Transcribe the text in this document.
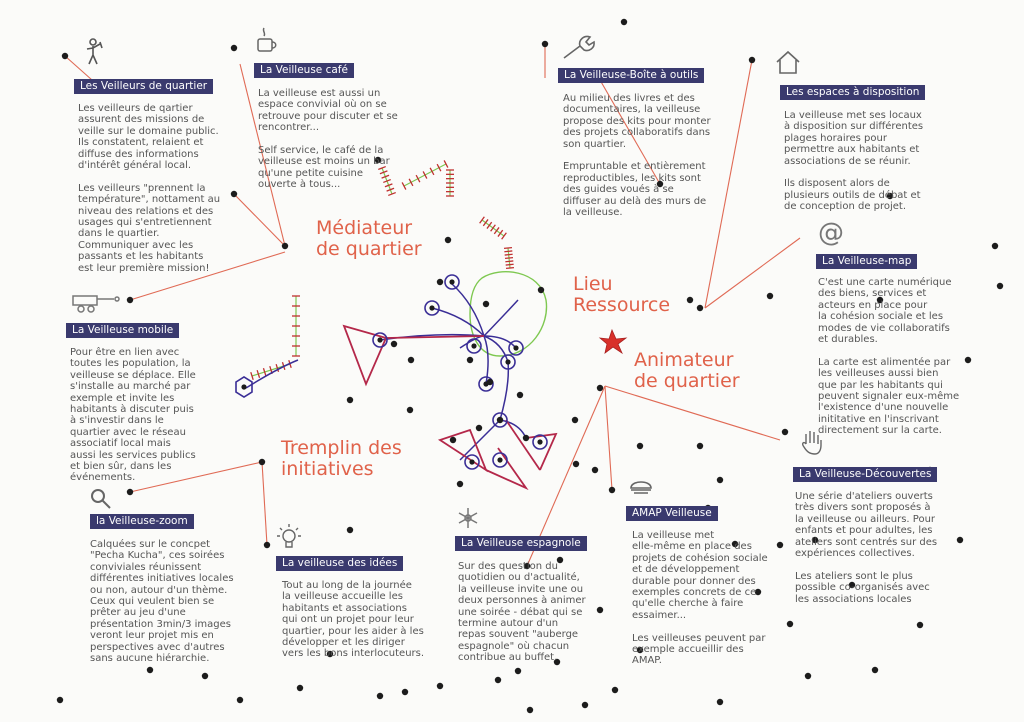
@
Médiateur
de quartier
Lieu
Ressource
Animateur
de quartier
Tremplin des
initiatives
Les Veilleurs de quartier
Les veilleurs de qartier
assurent des missions de
veille sur le domaine public.
Ils constatent, relaient et
diffuse des informations
d'intérêt général local.

Les veilleurs "prennent la
température", nottament au
niveau des relations et des
usages qui s'entretiennent
dans le quartier.
Communiquer avec les
passants et les habitants
est leur première mission!
La Veilleuse café
La veilleuse est aussi un
espace convivial où on se
retrouve pour discuter et se
rencontrer...

Self service, le café de la
veilleuse est moins un bar
qu'une petite cuisine
ouverte à tous...
La Veilleuse-Boîte à outils
Au milieu des livres et des
documentaires, la veilleuse
propose des kits pour monter
des projets collaboratifs dans
son quartier.

Empruntable et entièrement
reproductibles, les kits sont
des guides voués à se
diffuser au delà des murs de
la veilleuse.
Les espaces à disposition
La veilleuse met ses locaux
à disposition sur différentes
plages horaires pour
permettre aux habitants et
associations de se réunir.

Ils disposent alors de
plusieurs outils de débat et
de conception de projet.
La Veilleuse-map
C'est une carte numérique
des biens, services et
acteurs en place pour
la cohésion sociale et les
modes de vie collaboratifs
et durables.

La carte est alimentée par
les veilleuses aussi bien
que par les habitants qui
peuvent signaler eux-même
l'existence d'une nouvelle
inititative en l'inscrivant
directement sur la carte.
La Veilleuse mobile
Pour être en lien avec
toutes les population, la
veilleuse se déplace. Elle
s'installe au marché par
exemple et invite les
habitants à discuter puis
à s'investir dans le
quartier avec le réseau
associatif local mais
aussi les services publics
et bien sûr, dans les
événements.	La Veilleuse-Découvertes
Une série d'ateliers ouverts
très divers sont proposés à
la veilleuse ou ailleurs. Pour
enfants et pour adultes, les
ateliers sont centrés sur des
expériences collectives.

Les ateliers sont le plus
possible co-organisés avec
les associations locales
la Veilleuse-zoom
Calquées sur le concpet
"Pecha Kucha", ces soirées
conviviales réunissent
différentes initiatives locales
ou non, autour d'un thème.
Ceux qui veulent bien se
prêter au jeu d'une
présentation 3min/3 images
veront leur projet mis en
perspectives avec d'autres
sans aucune hiérarchie.
La veilleuse des idées
Tout au long de la journée
la veilleuse accueille les
habitants et associations
qui ont un projet pour leur
quartier, pour les aider à les
développer et les diriger
vers les bons interlocuteurs.
La Veilleuse espagnole
Sur des question du
quotidien ou d'actualité,
la veilleuse invite une ou
deux personnes à animer
une soirée - débat qui se
termine autour d'un
repas souvent "auberge
espagnole" où chacun
contribue au buffet.
AMAP Veilleuse
La veilleuse met
elle-même en place des
projets de cohésion sociale
et de développement
durable pour donner des
exemples concrets de ce
qu'elle cherche à faire
essaimer...

Les veilleuses peuvent par
exemple accueillir des
AMAP.
